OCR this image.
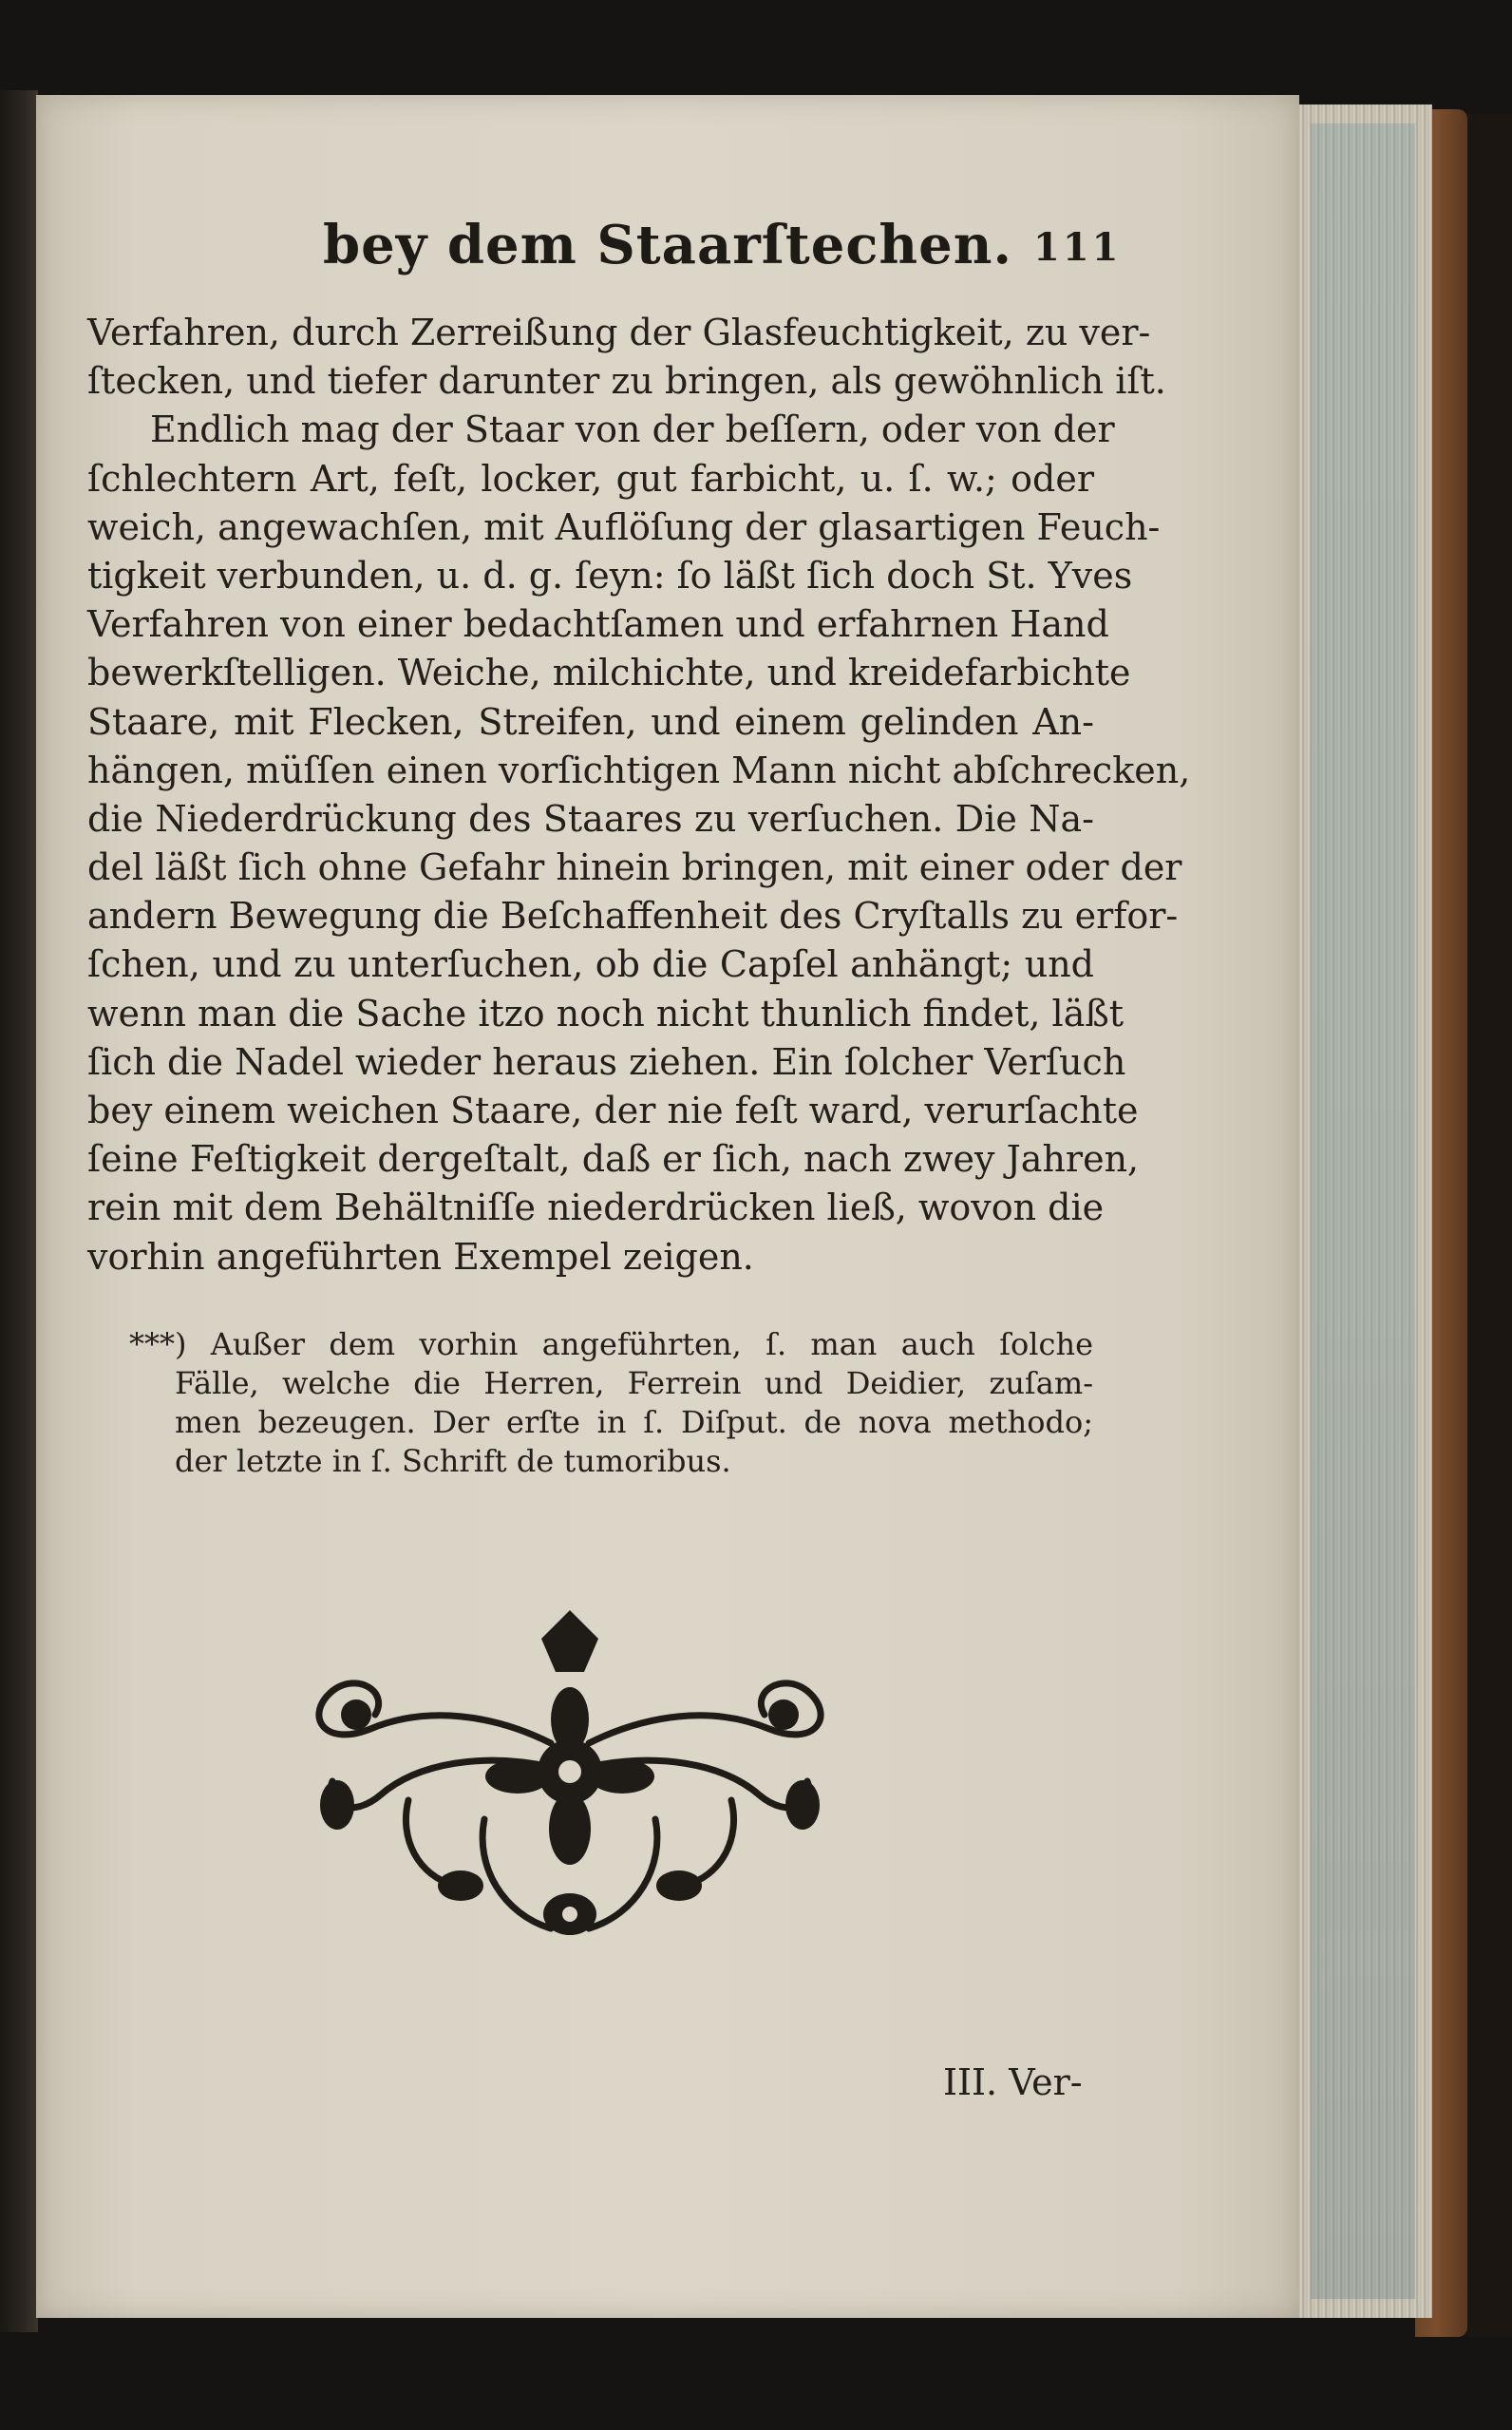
bey dem Staarſtechen. 111
Verfahren, durch Zerreißung der Glasfeuchtigkeit, zu ver-
ſtecken, und tiefer darunter zu bringen, als gewöhnlich iſt.
Endlich mag der Staar von der beſſern, oder von der
ſchlechtern Art, feſt, locker, gut farbicht, u. ſ. w.; oder
weich, angewachſen, mit Auflöſung der glasartigen Feuch-
tigkeit verbunden, u. d. g. ſeyn: ſo läßt ſich doch St. Yves
Verfahren von einer bedachtſamen und erfahrnen Hand
bewerkſtelligen. Weiche, milchichte, und kreidefarbichte
Staare, mit Flecken, Streifen, und einem gelinden An-
hängen, müſſen einen vorſichtigen Mann nicht abſchrecken,
die Niederdrückung des Staares zu verſuchen. Die Na-
del läßt ſich ohne Gefahr hinein bringen, mit einer oder der
andern Bewegung die Beſchaffenheit des Cryſtalls zu erfor-
ſchen, und zu unterſuchen, ob die Capſel anhängt; und
wenn man die Sache itzo noch nicht thunlich findet, läßt
ſich die Nadel wieder heraus ziehen. Ein ſolcher Verſuch
bey einem weichen Staare, der nie feſt ward, verurſachte
ſeine Feſtigkeit dergeſtalt, daß er ſich, nach zwey Jahren,
rein mit dem Behältniſſe niederdrücken ließ, wovon die
vorhin angeführten Exempel zeigen.
***) Außer dem vorhin angeführten, ſ. man auch ſolche
Fälle, welche die Herren, Ferrein und Deidier, zuſam-
men bezeugen. Der erſte in ſ. Diſput. de nova methodo;
der letzte in ſ. Schrift de tumoribus.
III. Ver-
